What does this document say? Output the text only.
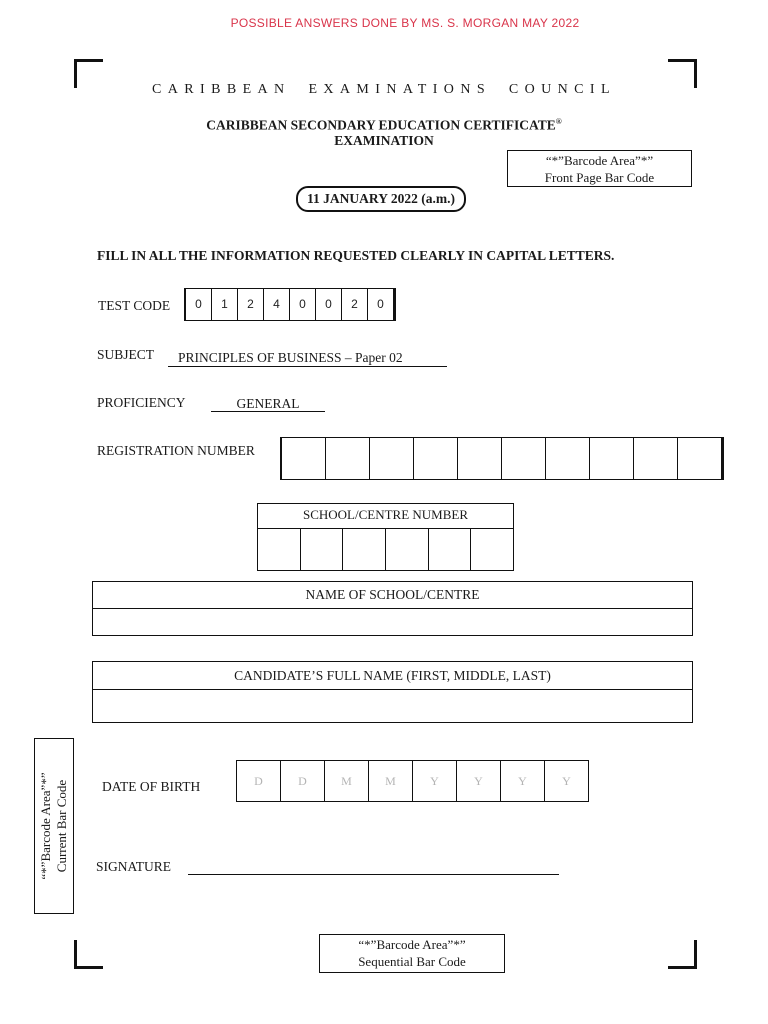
POSSIBLE ANSWERS DONE BY MS. S. MORGAN MAY 2022
CARIBBEAN EXAMINATIONS COUNCIL
CARIBBEAN SECONDARY EDUCATION CERTIFICATE®
EXAMINATION
“*”Barcode Area”*”
Front Page Bar Code
11 JANUARY 2022 (a.m.)
FILL IN ALL THE INFORMATION REQUESTED CLEARLY IN CAPITAL LETTERS.
TEST CODE	0	1	2	4	0	0	2	0
SUBJECT	PRINCIPLES OF BUSINESS – Paper 02
PROFICIENCY	GENERAL
REGISTRATION NUMBER
SCHOOL/CENTRE NUMBER
NAME OF SCHOOL/CENTRE
CANDIDATE’S FULL NAME (FIRST, MIDDLE, LAST)
“*”Barcode Area”*” Current Bar Code DATE OF BIRTH	D	D	M	M	Y	Y	Y	Y
SIGNATURE
“*”Barcode Area”*”
Sequential Bar Code
